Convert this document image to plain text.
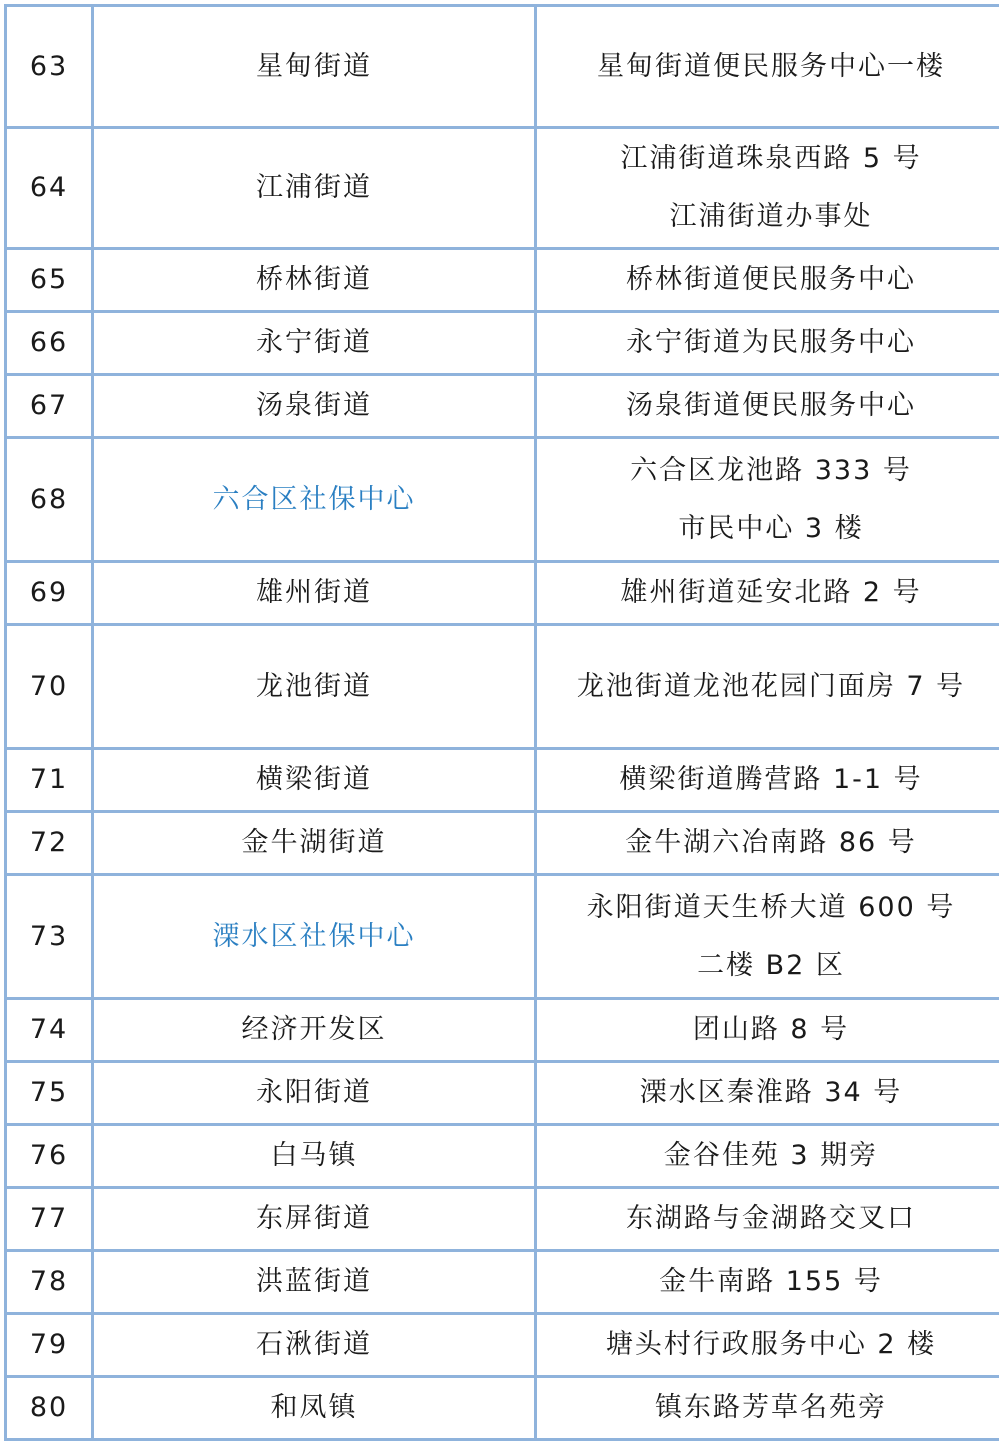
63	星甸街道	星甸街道便民服务中心一楼

64	江浦街道	江浦街道珠泉西路 5 号
江浦街道办事处

65	桥林街道	桥林街道便民服务中心

66	永宁街道	永宁街道为民服务中心

67	汤泉街道	汤泉街道便民服务中心

68	六合区社保中心	六合区龙池路 333 号
市民中心 3 楼

69	雄州街道	雄州街道延安北路 2 号

70	龙池街道	龙池街道龙池花园门面房 7 号

71	横梁街道	横梁街道腾营路 1-1 号

72	金牛湖街道	金牛湖六冶南路 86 号

73	溧水区社保中心	永阳街道天生桥大道 600 号
二楼 B2 区

74	经济开发区	团山路 8 号

75	永阳街道	溧水区秦淮路 34 号

76	白马镇	金谷佳苑 3 期旁

77	东屏街道	东湖路与金湖路交叉口

78	洪蓝街道	金牛南路 155 号

79	石湫街道	塘头村行政服务中心 2 楼

80	和凤镇	镇东路芳草名苑旁
